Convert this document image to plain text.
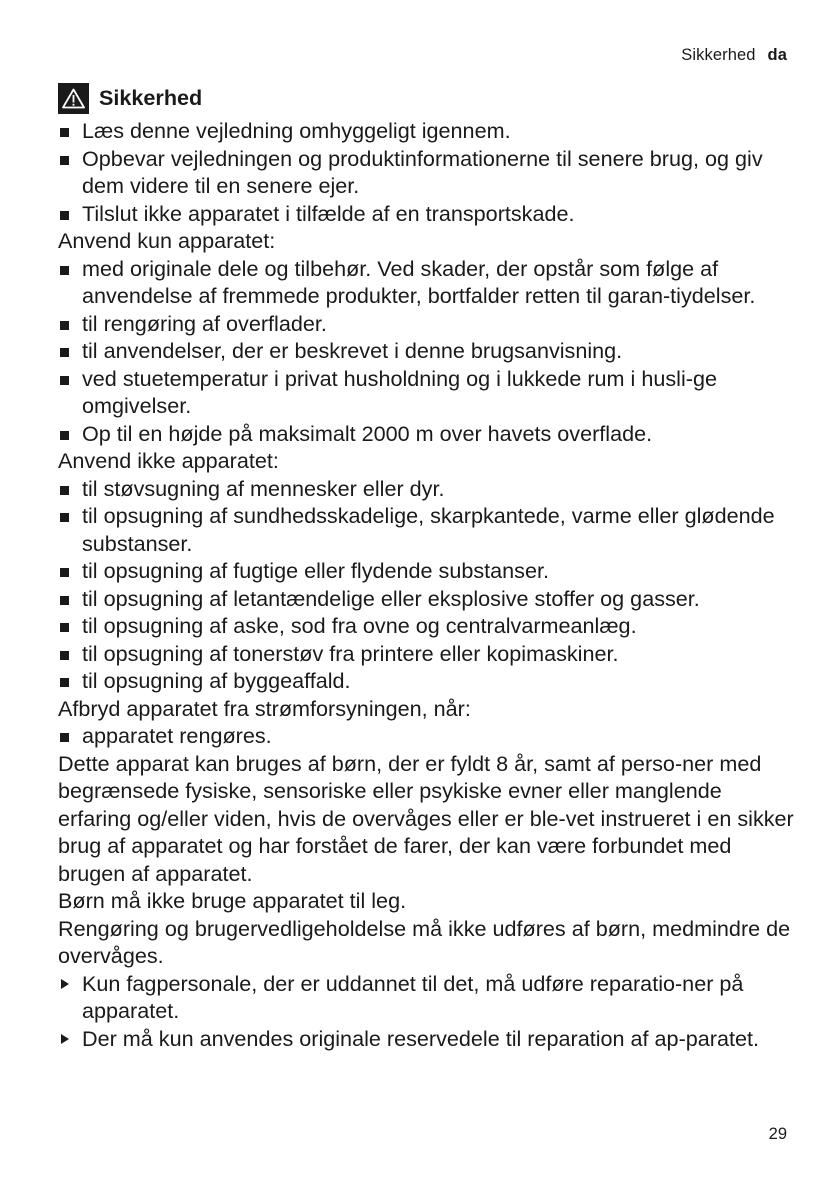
Sikkerhed da
Sikkerhed
Læs denne vejledning omhyggeligt igennem.
Opbevar vejledningen og produktinformationerne til senere brug, og giv dem videre til en senere ejer.
Tilslut ikke apparatet i tilfælde af en transportskade.

Anvend kun apparatet:

med originale dele og tilbehør. Ved skader, der opstår som følge af anvendelse af fremmede produkter, bortfalder retten til garan-tiydelser.
til rengøring af overflader.
til anvendelser, der er beskrevet i denne brugsanvisning.
ved stuetemperatur i privat husholdning og i lukkede rum i husli-ge omgivelser.
Op til en højde på maksimalt 2000 m over havets overflade.

Anvend ikke apparatet:

til støvsugning af mennesker eller dyr.
til opsugning af sundhedsskadelige, skarpkantede, varme eller glødende substanser.
til opsugning af fugtige eller flydende substanser.
til opsugning af letantændelige eller eksplosive stoffer og gasser.
til opsugning af aske, sod fra ovne og centralvarmeanlæg.
til opsugning af tonerstøv fra printere eller kopimaskiner.
til opsugning af byggeaffald.

Afbryd apparatet fra strømforsyningen, når:

apparatet rengøres.

Dette apparat kan bruges af børn, der er fyldt 8 år, samt af perso-ner med begrænsede fysiske, sensoriske eller psykiske evner eller manglende erfaring og/eller viden, hvis de overvåges eller er ble-vet instrueret i en sikker brug af apparatet og har forstået de farer, der kan være forbundet med brugen af apparatet.

Børn må ikke bruge apparatet til leg.

Rengøring og brugervedligeholdelse må ikke udføres af børn, medmindre de overvåges.

Kun fagpersonale, der er uddannet til det, må udføre reparatio-ner på apparatet.
Der må kun anvendes originale reservedele til reparation af ap-paratet.
29
